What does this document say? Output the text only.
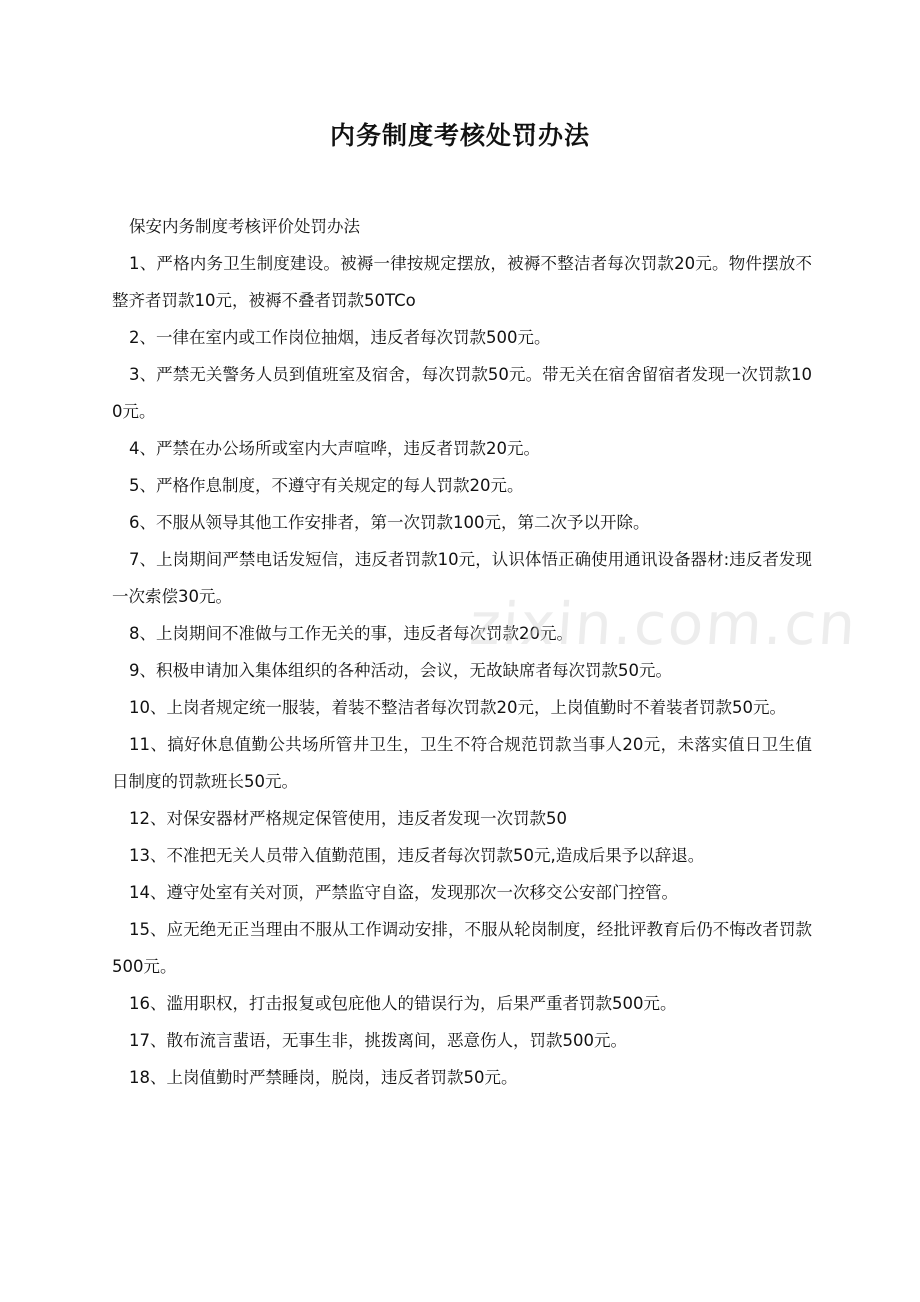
内务制度考核处罚办法

保安内务制度考核评价处罚办法

1、严格内务卫生制度建设。被褥一律按规定摆放，被褥不整洁者每次罚款20元。物件摆放不整齐者罚款10元，被褥不叠者罚款50TCo

2、一律在室内或工作岗位抽烟，违反者每次罚款500元。

3、严禁无关警务人员到值班室及宿舍，每次罚款50元。带无关在宿舍留宿者发现一次罚款100元。

4、严禁在办公场所或室内大声喧哗，违反者罚款20元。

5、严格作息制度，不遵守有关规定的每人罚款20元。

6、不服从领导其他工作安排者，第一次罚款100元，第二次予以开除。

7、上岗期间严禁电话发短信，违反者罚款10元，认识体悟正确使用通讯设备器材:违反者发现一次索偿30元。

8、上岗期间不准做与工作无关的事，违反者每次罚款20元。

9、积极申请加入集体组织的各种活动，会议，无故缺席者每次罚款50元。

10、上岗者规定统一服装，着装不整洁者每次罚款20元，上岗值勤时不着装者罚款50元。

11、搞好休息值勤公共场所管井卫生，卫生不符合规范罚款当事人20元，未落实值日卫生值日制度的罚款班长50元。

12、对保安器材严格规定保管使用，违反者发现一次罚款50

13、不准把无关人员带入值勤范围，违反者每次罚款50元,造成后果予以辞退。

14、遵守处室有关对顶，严禁监守自盗，发现那次一次移交公安部门控管。

15、应无绝无正当理由不服从工作调动安排，不服从轮岗制度，经批评教育后仍不悔改者罚款500元。

16、滥用职权，打击报复或包庇他人的错误行为，后果严重者罚款500元。

17、散布流言蜚语，无事生非，挑拨离间，恶意伤人，罚款500元。

18、上岗值勤时严禁睡岗，脱岗，违反者罚款50元。

zixin.com.cn
